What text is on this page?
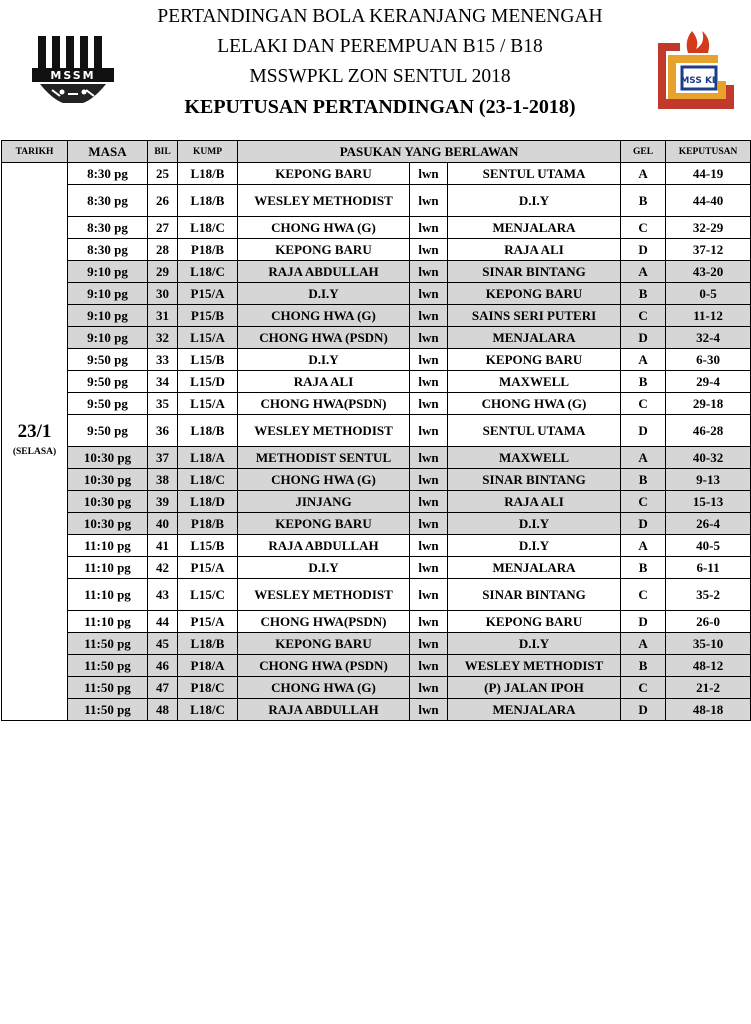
MSSM
PERTANDINGAN BOLA KERANJANG MENENGAH
LELAKI DAN PEREMPUAN B15 / B18
MSSWPKL ZON SENTUL 2018
KEPUTUSAN PERTANDINGAN (23-1-2018)
MSS KL
TARIKH	MASA	BIL	KUMP	PASUKAN YANG BERLAWAN			GEL	KEPUTUSAN

23/1
(SELASA)	8:30 pg	25	L18/B	KEPONG BARU	lwn	SENTUL UTAMA	A	44-19
	8:30 pg	26	L18/B	WESLEY METHODIST	lwn	D.I.Y	B	44-40
	8:30 pg	27	L18/C	CHONG HWA (G)	lwn	MENJALARA	C	32-29
	8:30 pg	28	P18/B	KEPONG BARU	lwn	RAJA ALI	D	37-12
	9:10 pg	29	L18/C	RAJA ABDULLAH	lwn	SINAR BINTANG	A	43-20
	9:10 pg	30	P15/A	D.I.Y	lwn	KEPONG BARU	B	0-5
	9:10 pg	31	P15/B	CHONG HWA (G)	lwn	SAINS SERI PUTERI	C	11-12
	9:10 pg	32	L15/A	CHONG HWA (PSDN)	lwn	MENJALARA	D	32-4
	9:50 pg	33	L15/B	D.I.Y	lwn	KEPONG BARU	A	6-30
	9:50 pg	34	L15/D	RAJA ALI	lwn	MAXWELL	B	29-4
	9:50 pg	35	L15/A	CHONG HWA(PSDN)	lwn	CHONG HWA (G)	C	29-18
	9:50 pg	36	L18/B	WESLEY METHODIST	lwn	SENTUL UTAMA	D	46-28
	10:30 pg	37	L18/A	METHODIST SENTUL	lwn	MAXWELL	A	40-32
	10:30 pg	38	L18/C	CHONG HWA (G)	lwn	SINAR BINTANG	B	9-13
	10:30 pg	39	L18/D	JINJANG	lwn	RAJA ALI	C	15-13
	10:30 pg	40	P18/B	KEPONG BARU	lwn	D.I.Y	D	26-4
	11:10 pg	41	L15/B	RAJA ABDULLAH	lwn	D.I.Y	A	40-5
	11:10 pg	42	P15/A	D.I.Y	lwn	MENJALARA	B	6-11
	11:10 pg	43	L15/C	WESLEY METHODIST	lwn	SINAR BINTANG	C	35-2
	11:10 pg	44	P15/A	CHONG HWA(PSDN)	lwn	KEPONG BARU	D	26-0
	11:50 pg	45	L18/B	KEPONG BARU	lwn	D.I.Y	A	35-10
	11:50 pg	46	P18/A	CHONG HWA (PSDN)	lwn	WESLEY METHODIST	B	48-12
	11:50 pg	47	P18/C	CHONG HWA (G)	lwn	(P) JALAN IPOH	C	21-2
	11:50 pg	48	L18/C	RAJA ABDULLAH	lwn	MENJALARA	D	48-18
